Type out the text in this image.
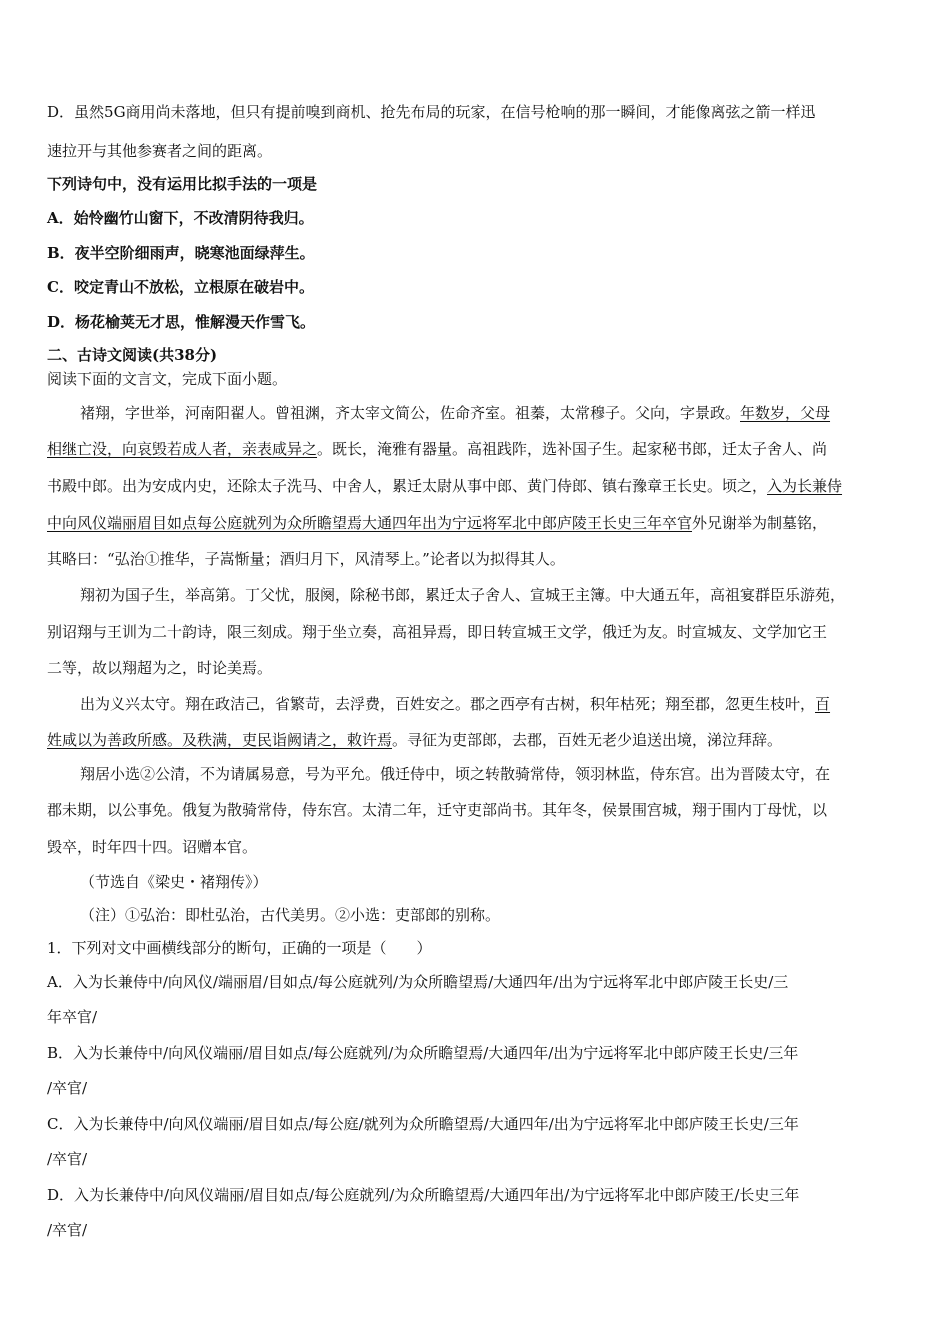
D．虽然5G商用尚未落地，但只有提前嗅到商机、抢先布局的玩家，在信号枪响的那一瞬间，才能像离弦之箭一样迅
速拉开与其他参赛者之间的距离。
下列诗句中，没有运用比拟手法的一项是
A．始怜幽竹山窗下，不改清阴待我归。
B．夜半空阶细雨声，晓寒池面绿萍生。
C．咬定青山不放松，立根原在破岩中。
D．杨花榆荚无才思，惟解漫天作雪飞。
二、古诗文阅读(共38分)
阅读下面的文言文，完成下面小题。
褚翔，字世举，河南阳翟人。曾祖渊，齐太宰文简公，佐命齐室。祖蓁，太常穆子。父向，字景政。年数岁，父母
相继亡没，向哀毁若成人者，亲表咸异之。既长，淹雅有器量。高祖践阼，选补国子生。起家秘书郎，迁太子舍人、尚
书殿中郎。出为安成内史，还除太子洗马、中舍人，累迁太尉从事中郎、黄门侍郎、镇右豫章王长史。顷之，入为长兼侍
中向风仪端丽眉目如点每公庭就列为众所瞻望焉大通四年出为宁远将军北中郎庐陵王长史三年卒官外兄谢举为制墓铭，
其略曰：“弘治①推华，子嵩惭量；酒归月下，风清琴上。”论者以为拟得其人。
翔初为国子生，举高第。丁父忧，服阕，除秘书郎，累迁太子舍人、宣城王主簿。中大通五年，高祖宴群臣乐游苑，
别诏翔与王训为二十韵诗，限三刻成。翔于坐立奏，高祖异焉，即日转宣城王文学，俄迁为友。时宣城友、文学加它王
二等，故以翔超为之，时论美焉。
出为义兴太守。翔在政洁己，省繁苛，去浮费，百姓安之。郡之西亭有古树，积年枯死；翔至郡，忽更生枝叶，百
姓咸以为善政所感。及秩满，吏民诣阙请之，敕许焉。寻征为吏部郎，去郡，百姓无老少追送出境，涕泣拜辞。
翔居小选②公清，不为请属易意，号为平允。俄迁侍中，顷之转散骑常侍，领羽林监，侍东宫。出为晋陵太守，在
郡未期，以公事免。俄复为散骑常侍，侍东宫。太清二年，迁守吏部尚书。其年冬，侯景围宫城，翔于围内丁母忧，以
毁卒，时年四十四。诏赠本官。
（节选自《梁史・褚翔传》）
（注）①弘治：即杜弘治，古代美男。②小选：吏部郎的别称。
1．下列对文中画横线部分的断句，正确的一项是（　　）
A．入为长兼侍中/向风仪/端丽眉/目如点/每公庭就列/为众所瞻望焉/大通四年/出为宁远将军北中郎庐陵王长史/三
年卒官/
B．入为长兼侍中/向风仪端丽/眉目如点/每公庭就列/为众所瞻望焉/大通四年/出为宁远将军北中郎庐陵王长史/三年
/卒官/
C．入为长兼侍中/向风仪端丽/眉目如点/每公庭/就列为众所瞻望焉/大通四年/出为宁远将军北中郎庐陵王长史/三年
/卒官/
D．入为长兼侍中/向风仪端丽/眉目如点/每公庭就列/为众所瞻望焉/大通四年出/为宁远将军北中郎庐陵王/长史三年
/卒官/
